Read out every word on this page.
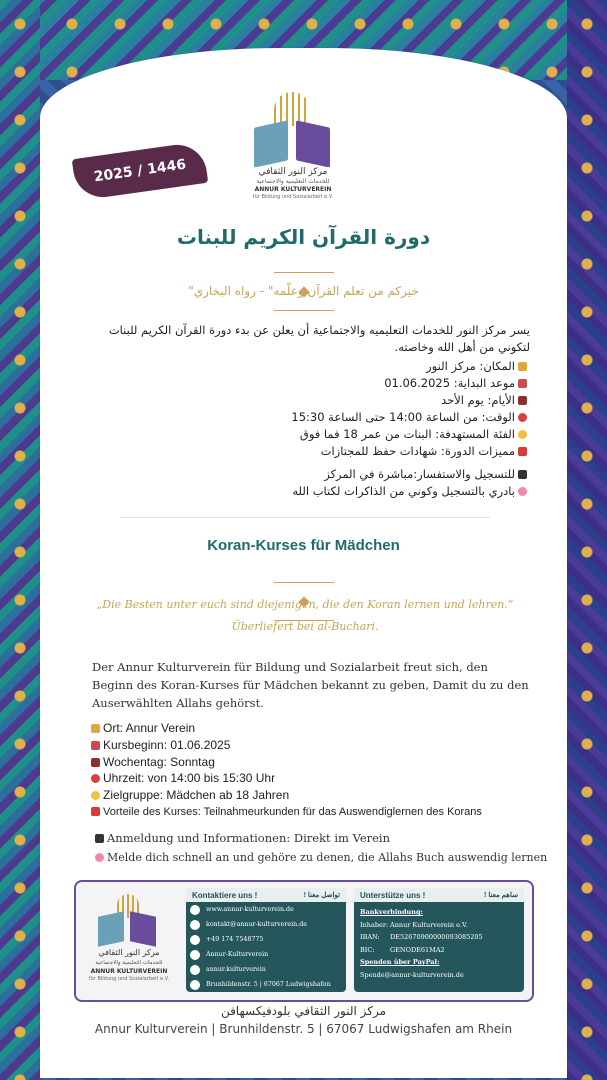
مركز النور الثقافي
للخدمات التعليمية والاجتماعية
ANNUR KULTURVEREIN
für Bildung und Sozialarbeit e.V.
2025 / 1446
دورة القرآن الكريم للبنات
خيركم من تعلم القرآن وعلّمه" - رواه البخاري"
يسر مركز النور للخدمات التعليميه والاجتماعية أن يعلن عن بدء دورة القرآن الكريم للبنات لتكوني من أهل الله وخاصته.
المكان: مركز النور
موعد البداية: 01.06.2025
الأيام: يوم الأحد
الوقت: من الساعة 14:00 حتى الساعة 15:30
الفئة المستهدفة: البنات من عمر 18 فما فوق
مميزات الدورة: شهادات حفظ للمجتازات
للتسجيل والاستفسار:مباشرة في المركز
بادري بالتسجيل وكوني من الذاكرات لكتاب الله
Koran-Kurses für Mädchen
„Die Besten unter euch sind diejenigen, die den Koran lernen und lehren.“
Überliefert bei al-Buchari.
Der Annur Kulturverein für Bildung und Sozialarbeit freut sich, den Beginn des Koran-Kurses für Mädchen bekannt zu geben, Damit du zu den Auserwählten Allahs gehörst.
Ort: Annur Verein
Kursbeginn: 01.06.2025
Wochentag: Sonntag
Uhrzeit: von 14:00 bis 15:30 Uhr
Zielgruppe: Mädchen ab 18 Jahren
Vorteile des Kurses: Teilnahmeurkunden für das Auswendiglernen des Korans
Anmeldung und Informationen: Direkt im Verein
Melde dich schnell an und gehöre zu denen, die Allahs Buch auswendig lernen
مركز النور الثقافي
للخدمات التعليمية والاجتماعية
ANNUR KULTURVEREIN
für Bildung und Sozialarbeit e.V.
Kontaktiere uns !	تواصل معنا !
www.annur-kulturverein.de
kontakt@annur-kulturverein.de
+49 174 7548775
Annur-Kulturverein
annur.kulturverein
Brunhildenstr. 5 | 67067 Ludwigshafen
Unterstütze uns !	ساهم معنا !
Bankverbindung:
Inhaber: Annur Kulturverein e.V.
IBAN:	DE52670900000093085205
BIC:	GENODE61MA2
Spenden über PayPal:
Spende@annur-kulturverein.de
مركز النور الثقافي بلودفيكسهافن
Annur Kulturverein | Brunhildenstr. 5 | 67067 Ludwigshafen am Rhein
